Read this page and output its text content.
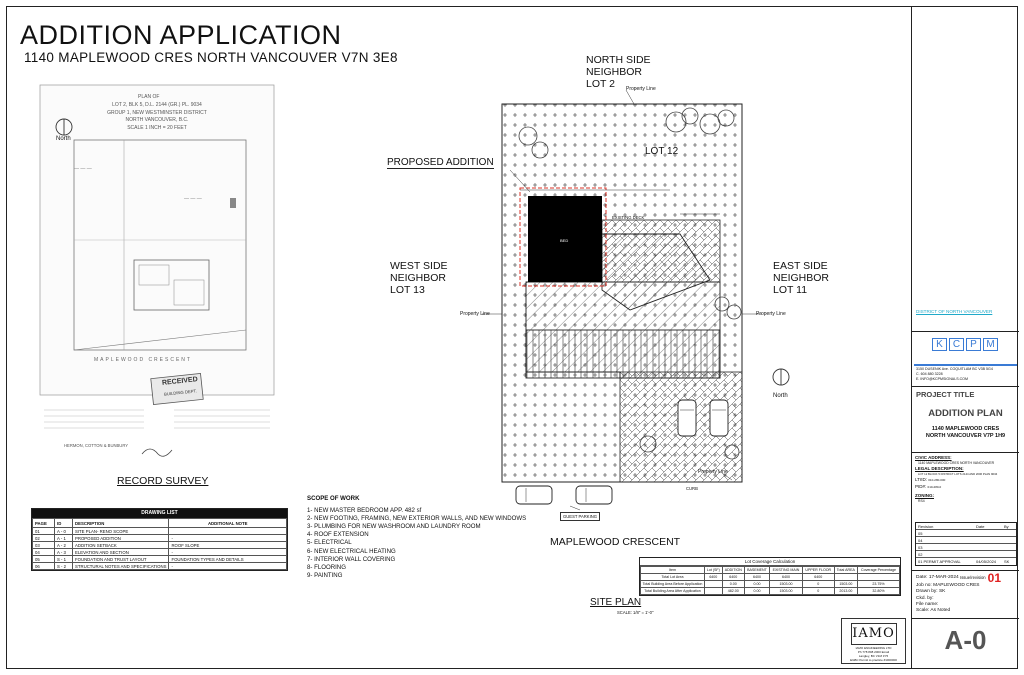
ADDITION APPLICATION
1140 MAPLEWOOD CRES NORTH VANCOUVER V7N 3E8
— — —
— — —
PLAN OF
LOT 2, BLK 5, D.L. 2144 (GR.) PL. 9034
GROUP 1, NEW WESTMINSTER DISTRICT
NORTH VANCOUVER, B.C.
SCALE 1 INCH = 20 FEET
North
MAPLEWOOD CRESCENT
RECEIVED
BUILDING DEPT.
HERMON, COTTON & BUNBURY
RECORD SURVEY
DRAWING LIST
PAGE	ID	DESCRIPTION	ADDITIONAL NOTE
01	A - 0	SITE PLAN- RENO SCOPE	
02	A - 1	PROPOSED ADDITION	-
03	A - 2	ADDITION SETBACK	ROOF SLOPE
04	A - 3	ELEVATION AND SECTION	-
05	S - 1	FOUNDATION AND TRUST LAYOUT	FOUNDATION TYPES AND DETAILS
06	S - 2	STRUCTURAL NOTES AND SPECIFICATIONS	-
BED
NORTH SIDE
NEIGHBOR
LOT 2
WEST SIDE
NEIGHBOR
LOT 13
EAST SIDE
NEIGHBOR
LOT 11
PROPOSED ADDITION
LOT 12
Property Line
Property Line	Property Line
Property Line
EXISTING DECK
North
CURB
GUEST PARKING
MAPLEWOOD CRESCENT
SITE PLAN
SCALE: 1/8" = 1'-0"
SCOPE OF WORK
1- NEW MASTER BEDROOM APP. 482 sf
2- NEW FOOTING, FRAMING, NEW EXTERIOR WALLS, AND NEW WINDOWS
3- PLUMBING FOR NEW WASHROOM AND LAUNDRY ROOM
4- ROOF EXTENSION
5- ELECTRICAL
6- NEW ELECTRICAL HEATING
7- INTERIOR WALL COVERING
8- FLOORING
9- PAINTING
Lot Coverage Calculation
Item	Lot (SF)	ADDITION	BASEMENT	EXISTING MAIN	UPPER FLOOR	Total AREA	Coverage Percentage
Total Lot Area	6400	6400	6400	6400	6400		
Total Building Area Before Application		0.00	0.00	1503.00	0	1503.00	23.75%
Total Building Area After Application		482.00	0.00	1503.00	0	2013.00	32.80%
IAMO
IAMO ENGINEERING LTD
Ph 778 808 2000 Email
Langley, BC V1M 3Y5
EGBC Permit to practice #1000000
DISTRICT OF NORTH VANCOUVER
K	C	P M
3150 DUSENIK Ave. COQUITLAM BC V3B 5G4
C. 604 880 3228
E. INFO@KCPMSIGNALS.COM
PROJECT TITLE
ADDITION PLAN
1140 MAPLEWOOD CRES
NORTH VANCOUVER V7P 1H9
CIVIC ADDRESS:
1140 MAPLEWOOD CRES NORTH VANCOUVER
LEGAL DESCRIPTION:
LOT 12 BLOCK 5 DISTRICT LOTS 2144 AND 2006 PLAN 9034
LTrID: 010-280-000
PID#: 010-280-0
ZONING:
RS4
Revision	Date	By
05
04
03
02
01 PERMIT APPROVAL	04/05/2024	SK
Date:
17-MAR-2024
Issue/revision 01
Job no: MAPLEWOOD CRES
Drawn by: SK
Ckd. by:
File name:
Scale: As Noted
A-0
